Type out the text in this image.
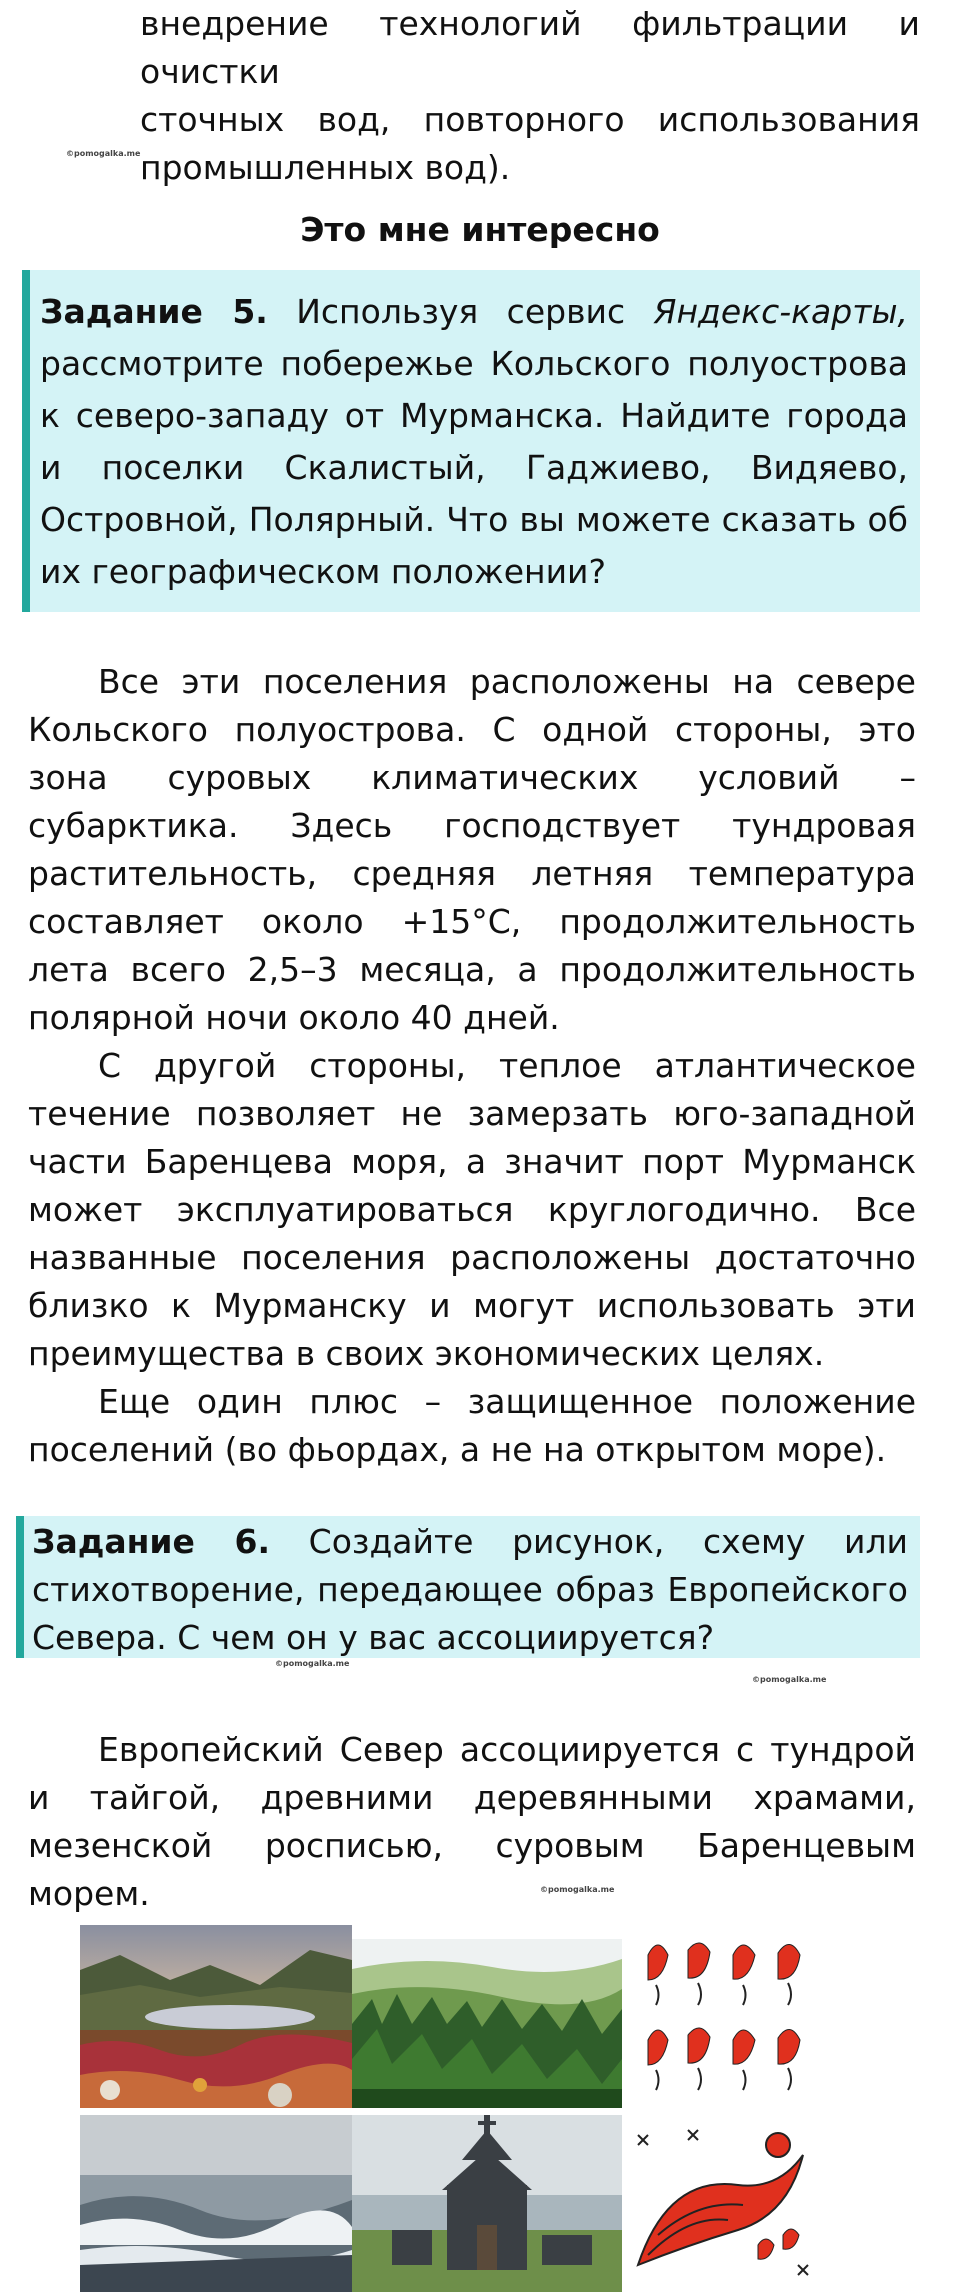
внедрение технологий фильтрации и очистки

сточных вод, повторного использования

промышленных вод).

©pomogalka.me
Это мне интересно
Задание 5. Используя сервис Яндекс-карты, рассмотрите побережье Кольского полуострова к северо-западу от Мурманска. Найдите города и поселки Скалистый, Гаджиево, Видяево, Островной, Полярный. Что вы можете сказать об их географическом положении?

Все эти поселения расположены на севере Кольского полуострова. С одной стороны, это зона суровых климатических условий – субарктика. Здесь господствует тундровая растительность, средняя летняя температура составляет около +15°С, продолжительность лета всего 2,5–3 месяца, а продолжительность полярной ночи около 40 дней.

С другой стороны, теплое атлантическое течение позволяет не замерзать юго-западной части Баренцева моря, а значит порт Мурманск может эксплуатироваться круглогодично. Все названные поселения расположены достаточно близко к Мурманску и могут использовать эти преимущества в своих экономических целях.

Еще один плюс – защищенное положение поселений (во фьордах, а не на открытом море).

Задание 6. Создайте рисунок, схему или стихотворение, передающее образ Европейского Севера. С чем он у вас ассоциируется?
©pomogalka.me
©pomogalka.me

Европейский Север ассоциируется с тундрой и тайгой, древними деревянными храмами, мезенской росписью, суровым Баренцевым морем.	©pomogalka.me
